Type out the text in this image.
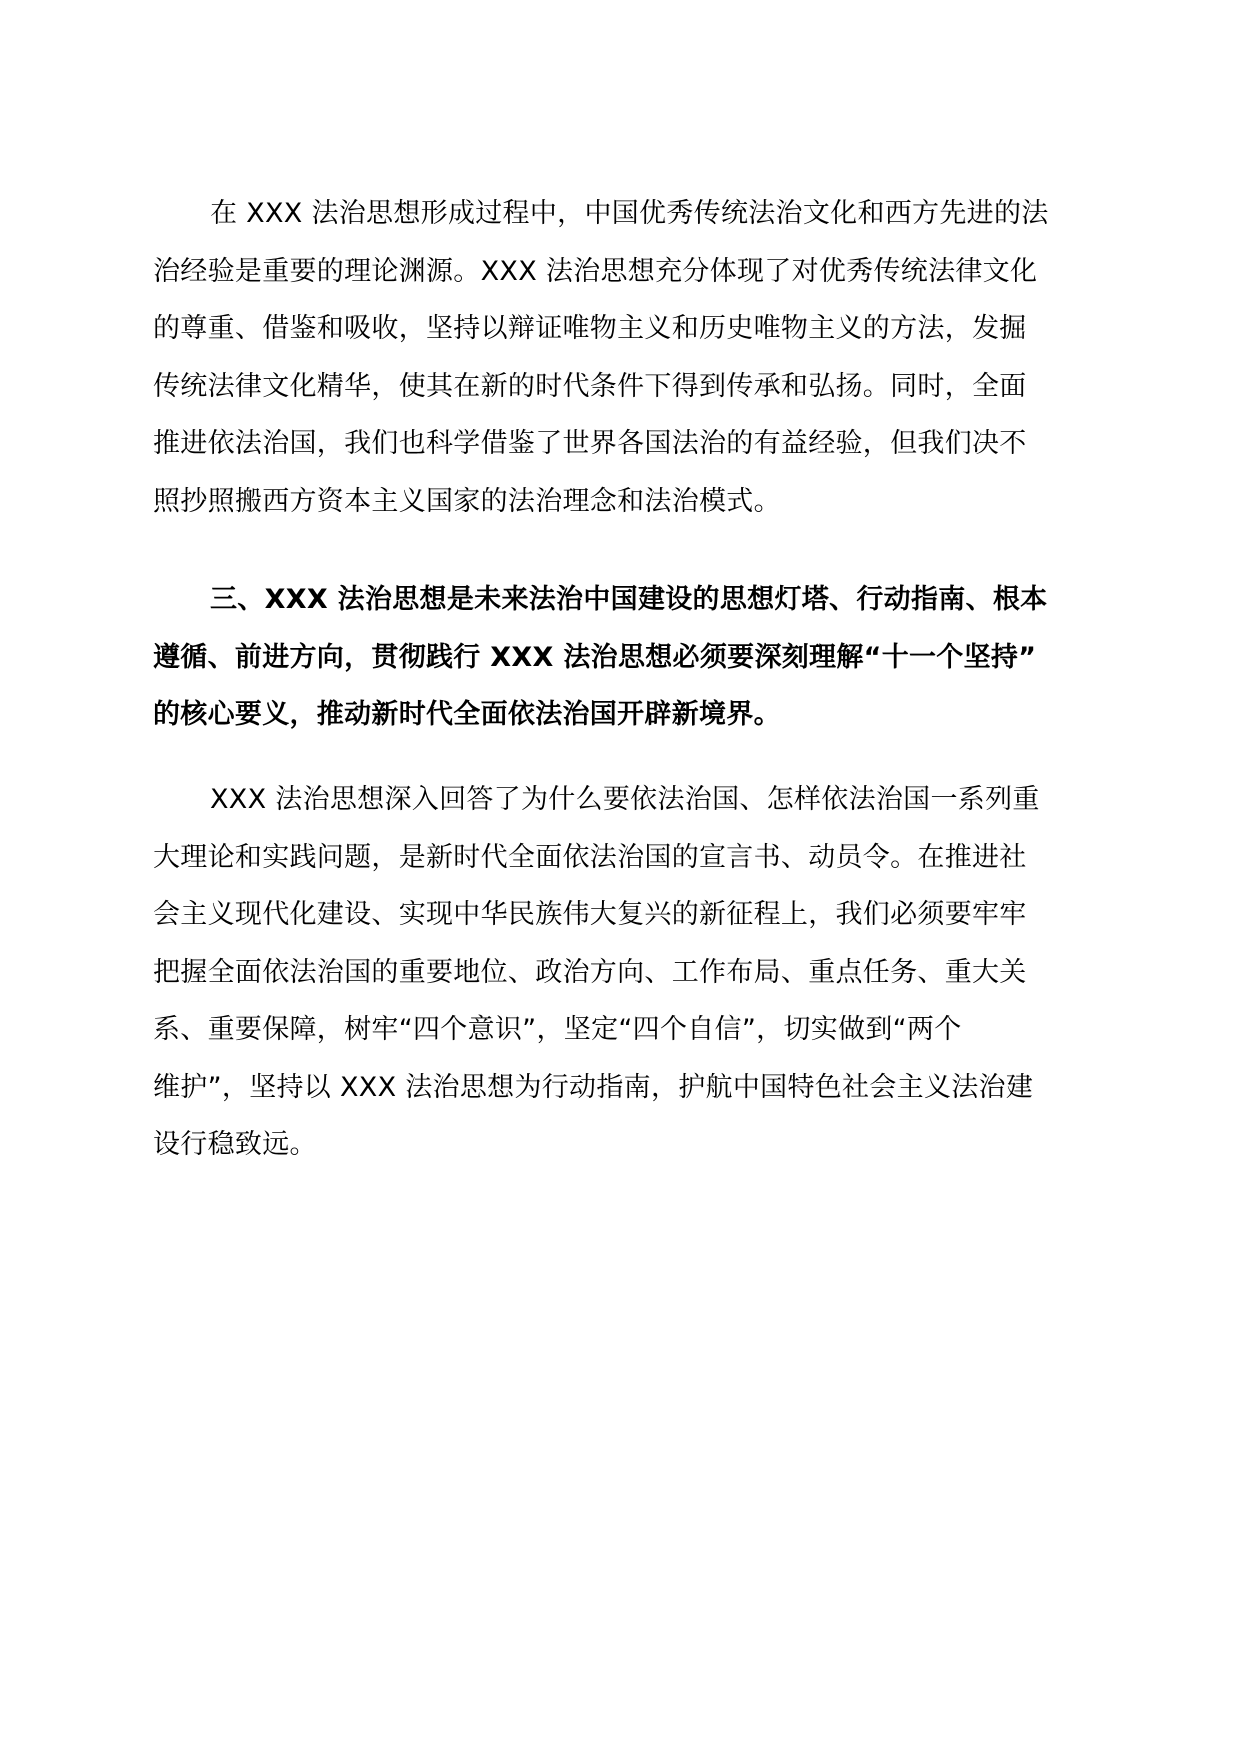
在 XXX 法治思想形成过程中，中国优秀传统法治文化和西方先进的法
治经验是重要的理论渊源。XXX 法治思想充分体现了对优秀传统法律文化
的尊重、借鉴和吸收，坚持以辩证唯物主义和历史唯物主义的方法，发掘
传统法律文化精华，使其在新的时代条件下得到传承和弘扬。同时，全面
推进依法治国，我们也科学借鉴了世界各国法治的有益经验，但我们决不
照抄照搬西方资本主义国家的法治理念和法治模式。
三、XXX 法治思想是未来法治中国建设的思想灯塔、行动指南、根本
遵循、前进方向，贯彻践行 XXX 法治思想必须要深刻理解“十一个坚持”
的核心要义，推动新时代全面依法治国开辟新境界。
XXX 法治思想深入回答了为什么要依法治国、怎样依法治国一系列重
大理论和实践问题，是新时代全面依法治国的宣言书、动员令。在推进社
会主义现代化建设、实现中华民族伟大复兴的新征程上，我们必须要牢牢
把握全面依法治国的重要地位、政治方向、工作布局、重点任务、重大关
系、重要保障，树牢“四个意识”，坚定“四个自信”，切实做到“两个
维护”，坚持以 XXX 法治思想为行动指南，护航中国特色社会主义法治建
设行稳致远。
